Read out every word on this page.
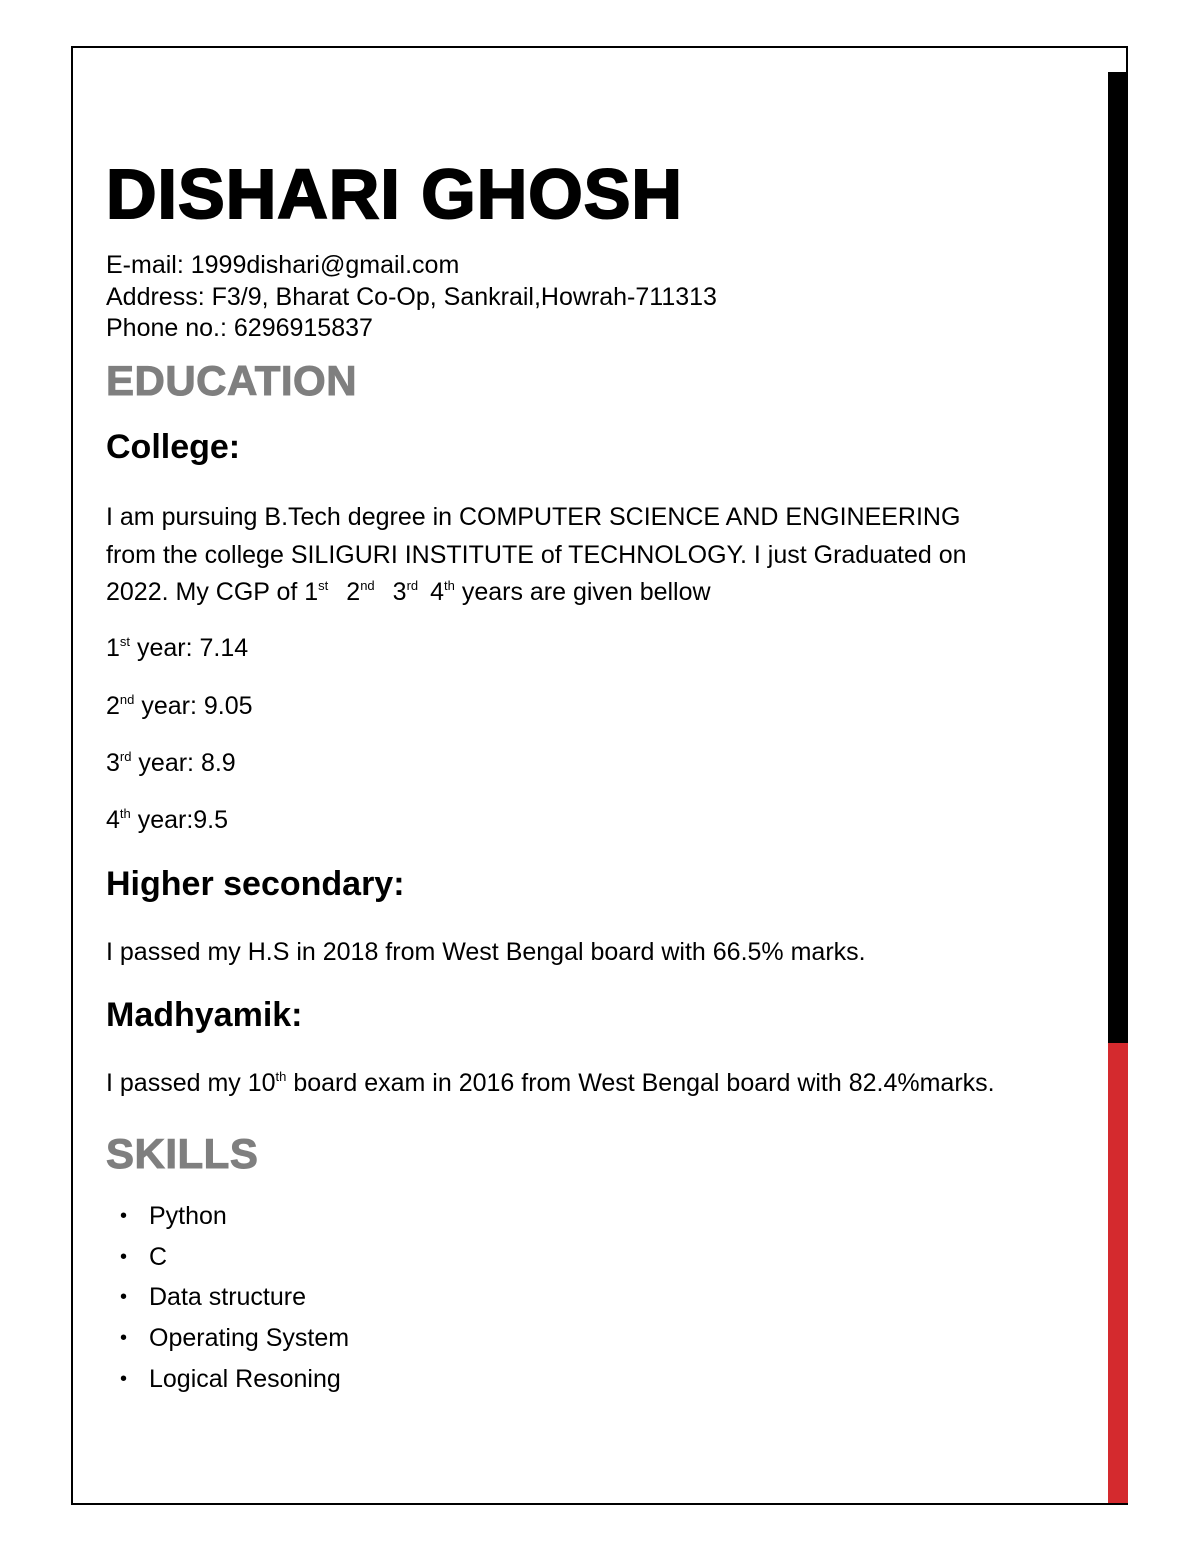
DISHARI GHOSH
E-mail: 1999dishari@gmail.com
Address: F3/9, Bharat Co-Op, Sankrail,Howrah-711313
Phone no.: 6296915837
EDUCATION
College:
I am pursuing B.Tech degree in COMPUTER SCIENCE AND ENGINEERING
from the college SILIGURI INSTITUTE of TECHNOLOGY. I just Graduated on
2022. My CGP of 1st 2nd 3rd 4th years are given bellow
1st year: 7.14
2nd year: 9.05
3rd year: 8.9
4th year:9.5
Higher secondary:
I passed my H.S in 2018 from West Bengal board with 66.5% marks.
Madhyamik:
I passed my 10th board exam in 2016 from West Bengal board with 82.4%marks.
SKILLS
• Python
• C
• Data structure
• Operating System
• Logical Resoning
